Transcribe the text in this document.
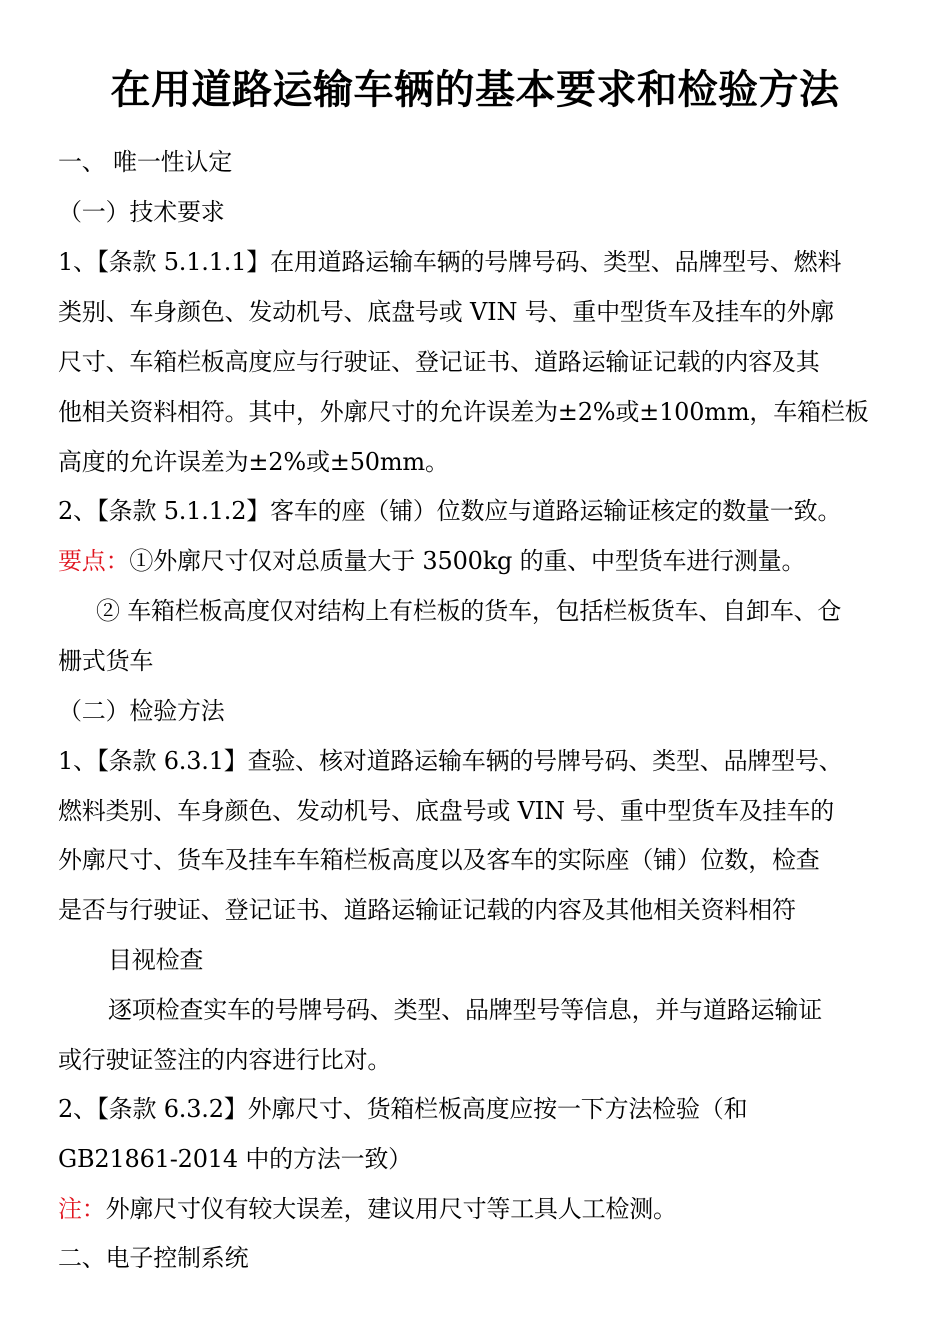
在用道路运输车辆的基本要求和检验方法
一、 唯一性认定
（一）技术要求
1、【条款 5.1.1.1】在用道路运输车辆的号牌号码、类型、品牌型号、燃料
类别、车身颜色、发动机号、底盘号或 VIN 号、重中型货车及挂车的外廓
尺寸、车箱栏板高度应与行驶证、登记证书、道路运输证记载的内容及其
他相关资料相符。其中，外廓尺寸的允许误差为±2%或±100mm，车箱栏板
高度的允许误差为±2%或±50mm。
2、【条款 5.1.1.2】客车的座（铺）位数应与道路运输证核定的数量一致。
要点：①外廓尺寸仅对总质量大于 3500kg 的重、中型货车进行测量。
② 车箱栏板高度仅对结构上有栏板的货车，包括栏板货车、自卸车、仓
栅式货车
（二）检验方法
1、【条款 6.3.1】查验、核对道路运输车辆的号牌号码、类型、品牌型号、
燃料类别、车身颜色、发动机号、底盘号或 VIN 号、重中型货车及挂车的
外廓尺寸、货车及挂车车箱栏板高度以及客车的实际座（铺）位数，检查
是否与行驶证、登记证书、道路运输证记载的内容及其他相关资料相符
目视检查
逐项检查实车的号牌号码、类型、品牌型号等信息，并与道路运输证
或行驶证签注的内容进行比对。
2、【条款 6.3.2】外廓尺寸、货箱栏板高度应按一下方法检验（和
GB21861-2014 中的方法一致）
注：外廓尺寸仪有较大误差，建议用尺寸等工具人工检测。
二、电子控制系统
